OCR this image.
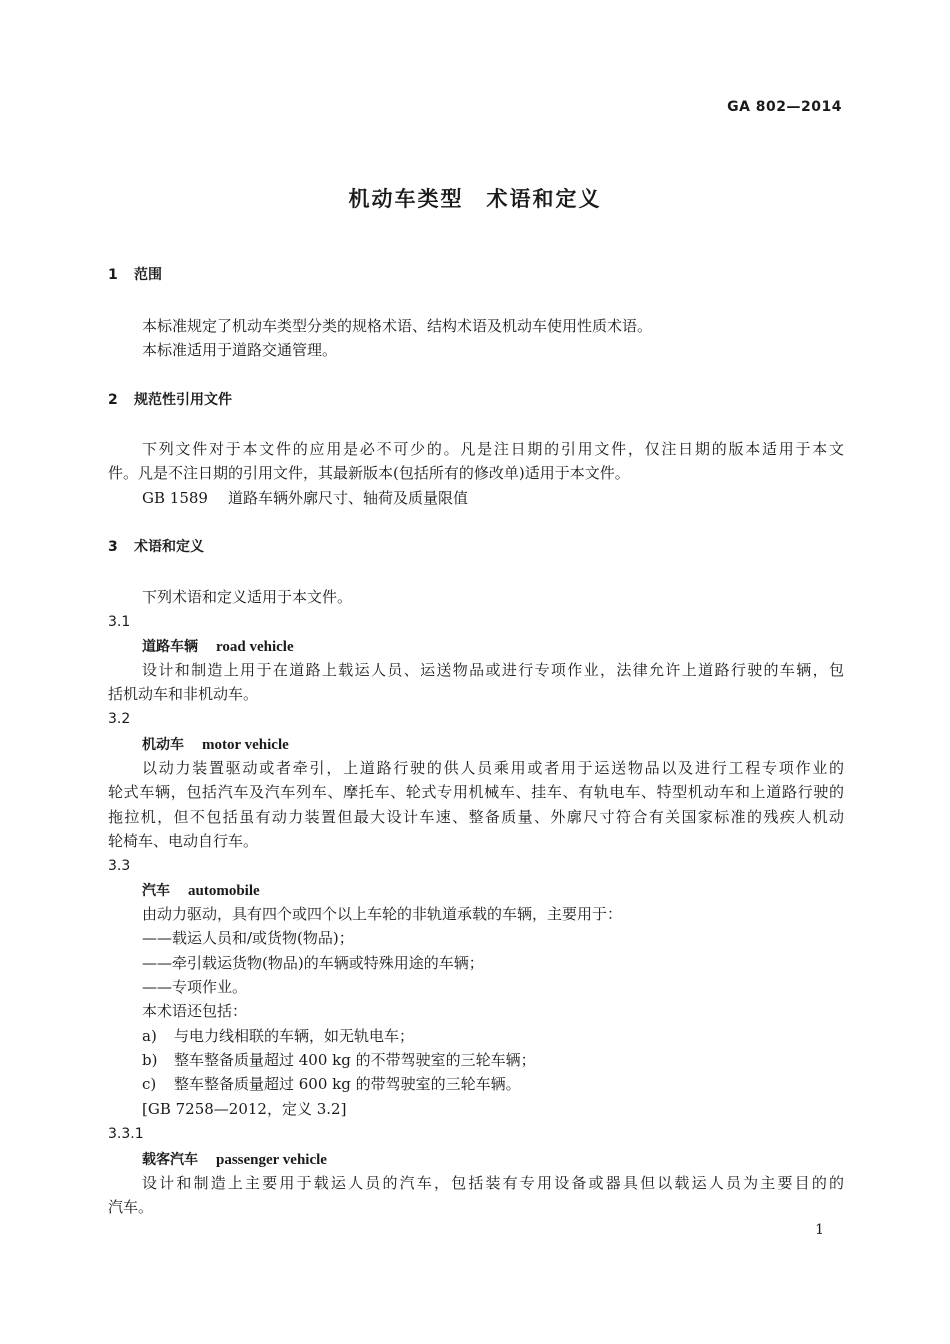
GA 802—2014
机动车类型　术语和定义
1 范围
本标准规定了机动车类型分类的规格术语、结构术语及机动车使用性质术语。
本标准适用于道路交通管理。
2 规范性引用文件
下列文件对于本文件的应用是必不可少的。凡是注日期的引用文件，仅注日期的版本适用于本文
件。凡是不注日期的引用文件，其最新版本(包括所有的修改单)适用于本文件。
GB 1589 道路车辆外廓尺寸、轴荷及质量限值
3 术语和定义
下列术语和定义适用于本文件。
3.1
道路车辆 road vehicle
设计和制造上用于在道路上载运人员、运送物品或进行专项作业，法律允许上道路行驶的车辆，包
括机动车和非机动车。
3.2
机动车 motor vehicle
以动力装置驱动或者牵引，上道路行驶的供人员乘用或者用于运送物品以及进行工程专项作业的
轮式车辆，包括汽车及汽车列车、摩托车、轮式专用机械车、挂车、有轨电车、特型机动车和上道路行驶的
拖拉机，但不包括虽有动力装置但最大设计车速、整备质量、外廓尺寸符合有关国家标准的残疾人机动
轮椅车、电动自行车。
3.3
汽车 automobile
由动力驱动，具有四个或四个以上车轮的非轨道承载的车辆，主要用于：
——载运人员和/或货物(物品)；
——牵引载运货物(物品)的车辆或特殊用途的车辆；
——专项作业。
本术语还包括：
a) 与电力线相联的车辆，如无轨电车；
b) 整车整备质量超过 400 kg 的不带驾驶室的三轮车辆；
c) 整车整备质量超过 600 kg 的带驾驶室的三轮车辆。
[GB 7258—2012，定义 3.2]
3.3.1
载客汽车 passenger vehicle
设计和制造上主要用于载运人员的汽车，包括装有专用设备或器具但以载运人员为主要目的的
汽车。
1
